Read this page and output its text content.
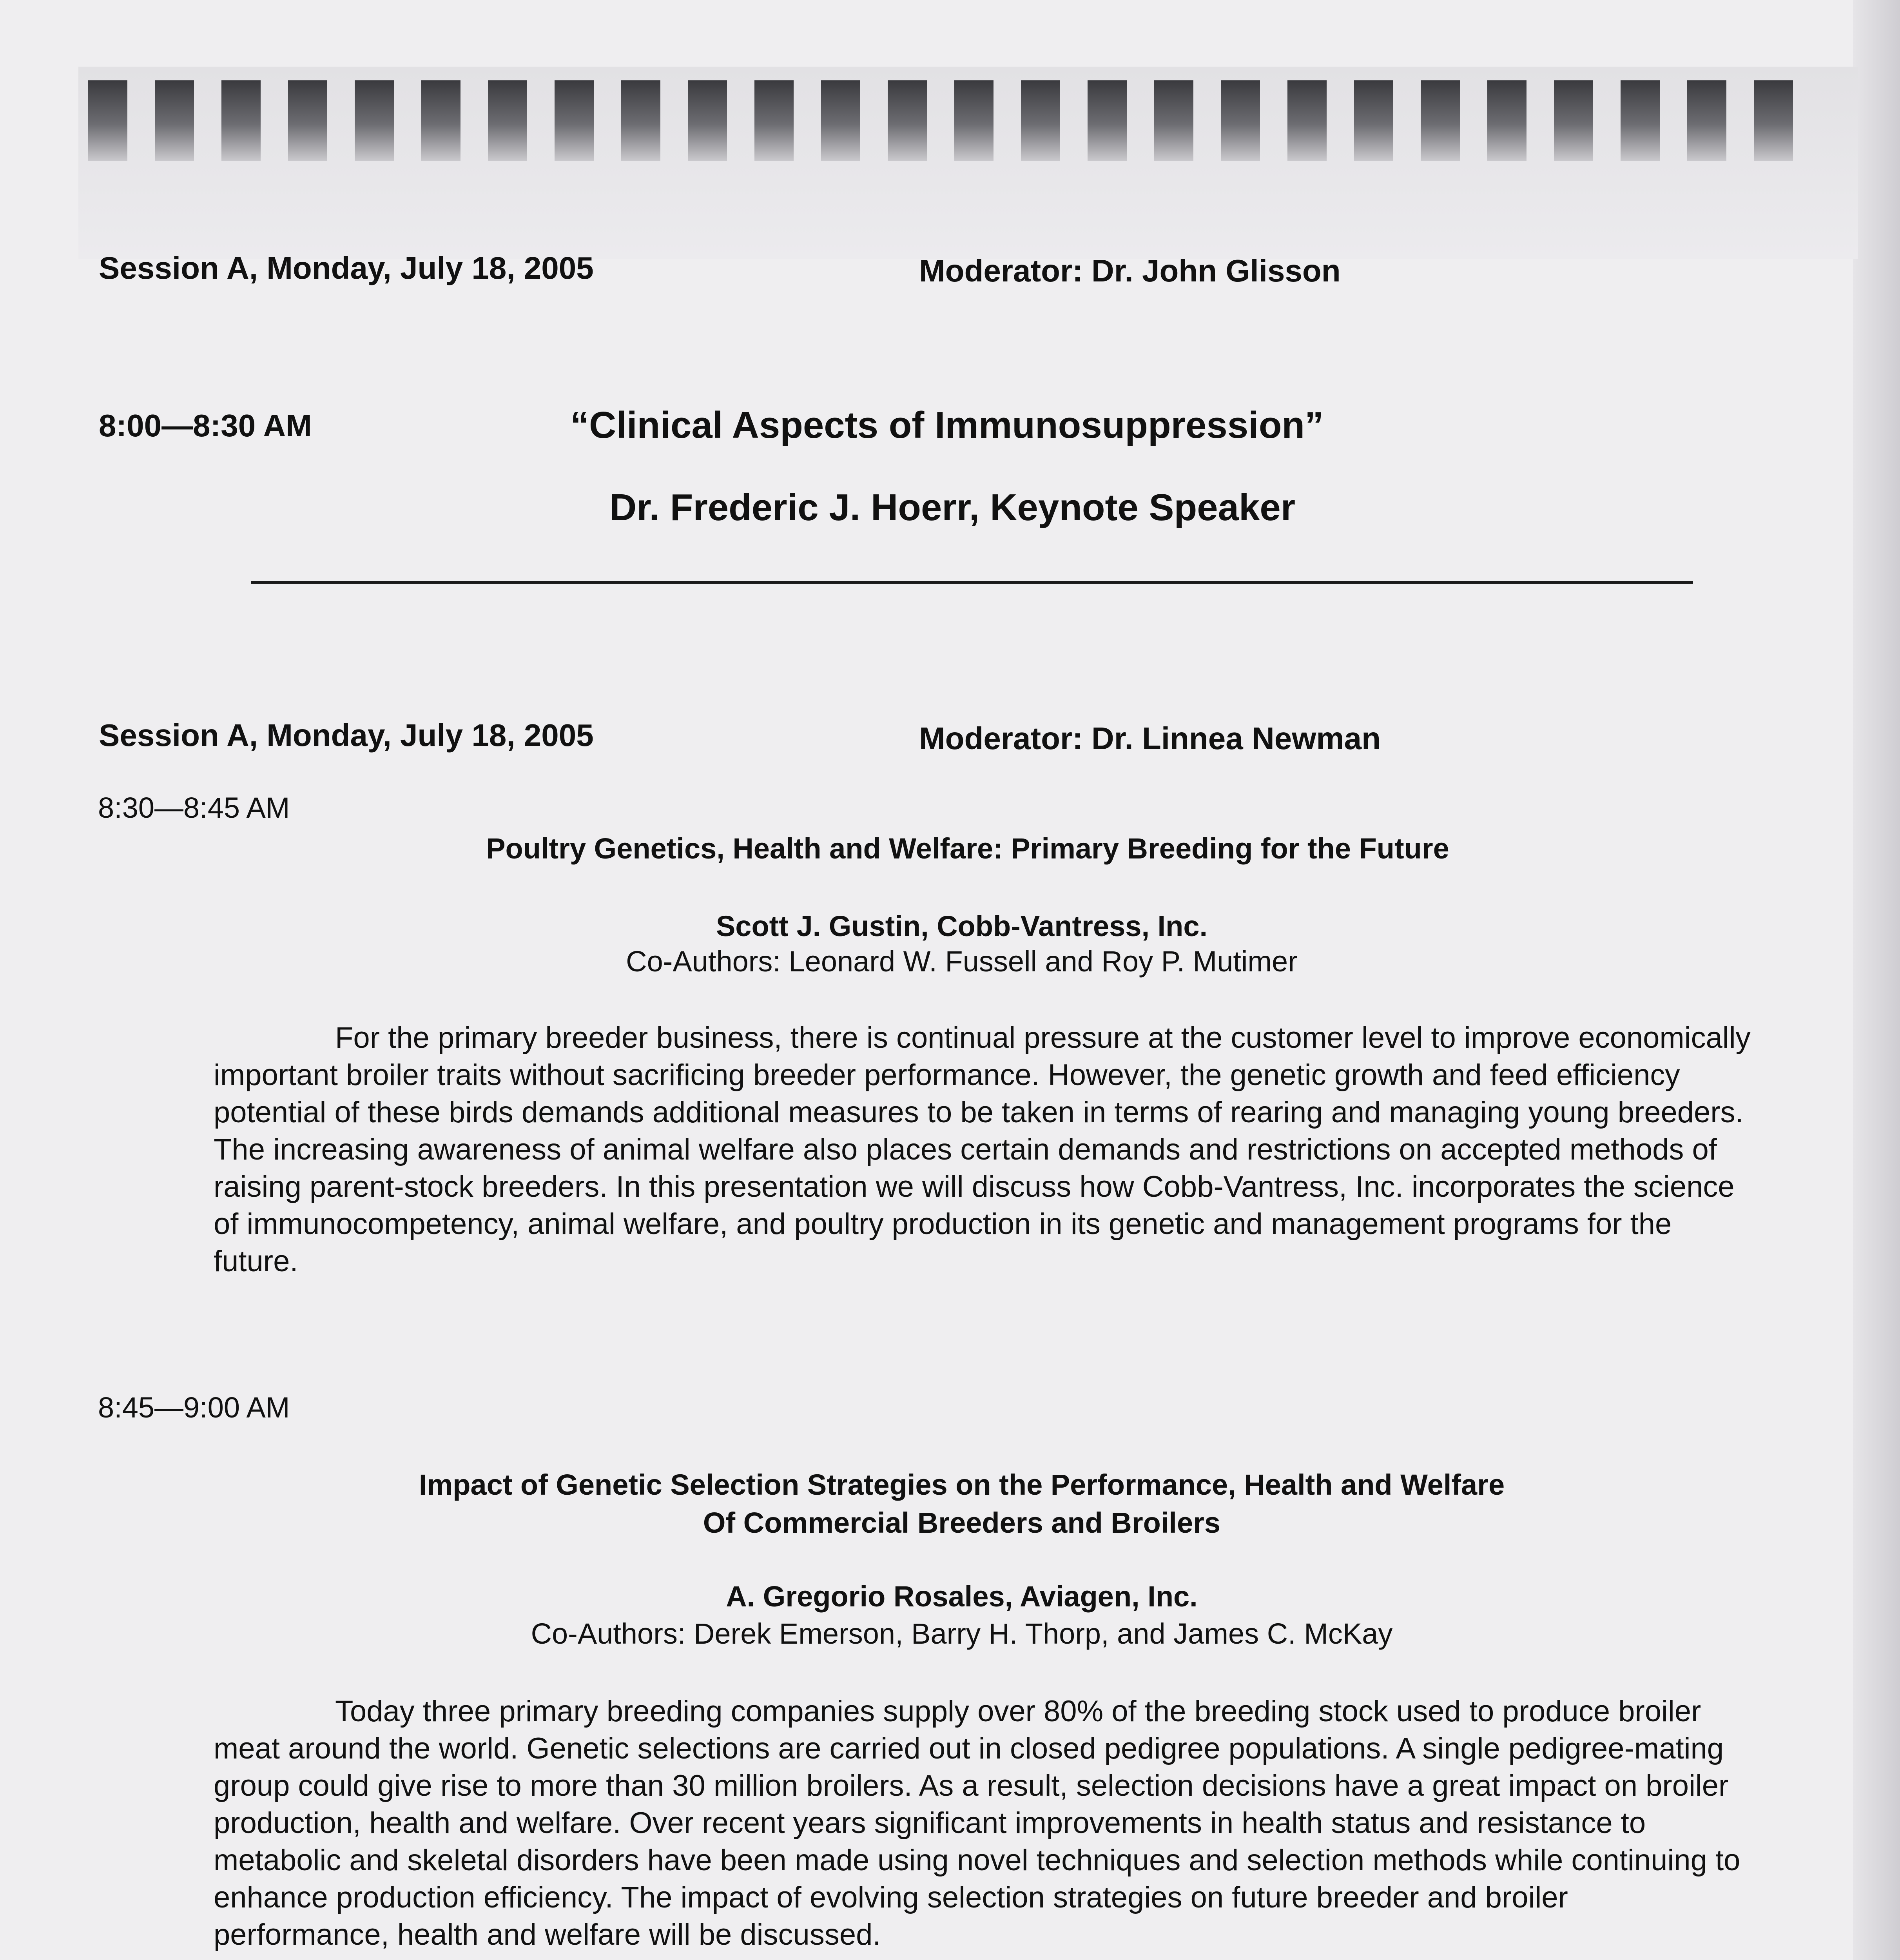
Session A, Monday, July 18, 2005	Moderator: Dr. John Glisson
8:00—8:30 AM	“Clinical Aspects of Immunosuppression”
Dr. Frederic J. Hoerr, Keynote Speaker
Session A, Monday, July 18, 2005	Moderator: Dr. Linnea Newman
8:30—8:45 AM
Poultry Genetics, Health and Welfare: Primary Breeding for the Future
Scott J. Gustin, Cobb-Vantress, Inc.
Co-Authors: Leonard W. Fussell and Roy P. Mutimer
For the primary breeder business, there is continual pressure at the customer level to improve economically important broiler traits without sacrificing breeder performance. However, the genetic growth and feed efficiency potential of these birds demands additional measures to be taken in terms of rearing and managing young breeders. The increasing awareness of animal welfare also places certain demands and restrictions on accepted methods of raising parent-stock breeders. In this presentation we will discuss how Cobb-Vantress, Inc. incorporates the science of immunocompetency, animal welfare, and poultry production in its genetic and management programs for the future.
8:45—9:00 AM
Impact of Genetic Selection Strategies on the Performance, Health and Welfare
Of Commercial Breeders and Broilers
A. Gregorio Rosales, Aviagen, Inc.
Co-Authors: Derek Emerson, Barry H. Thorp, and James C. McKay
Today three primary breeding companies supply over 80% of the breeding stock used to produce broiler meat around the world. Genetic selections are carried out in closed pedigree populations. A single pedigree-mating group could give rise to more than 30 million broilers. As a result, selection decisions have a great impact on broiler production, health and welfare. Over recent years significant improvements in health status and resistance to metabolic and skeletal disorders have been made using novel techniques and selection methods while continuing to enhance production efficiency. The impact of evolving selection strategies on future breeder and broiler performance, health and welfare will be discussed.
